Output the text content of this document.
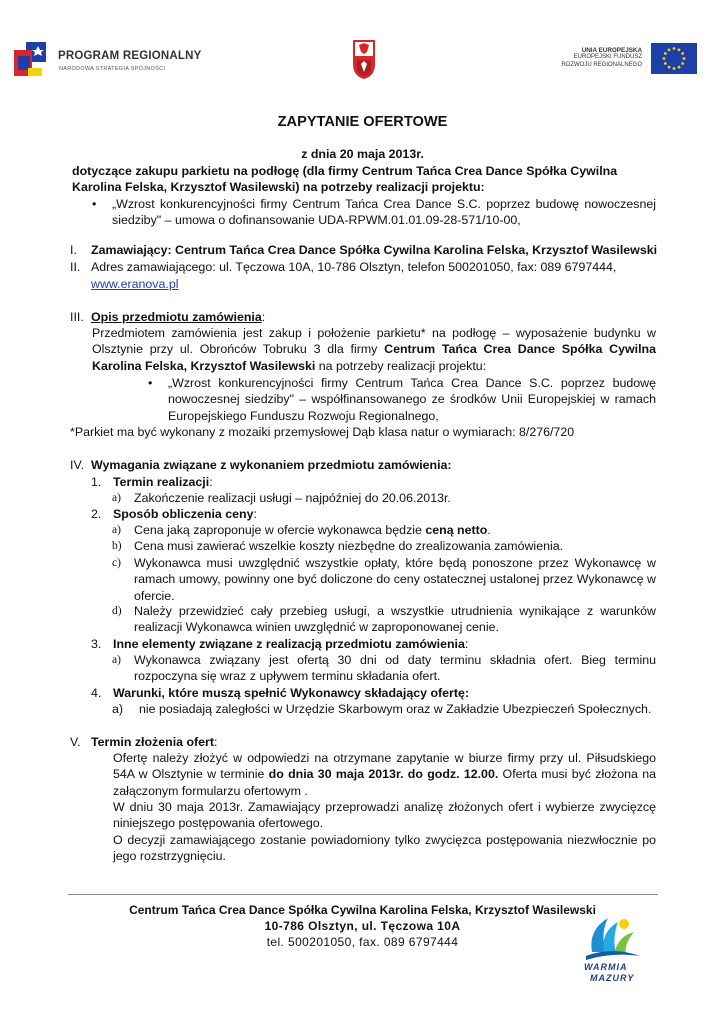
PROGRAM REGIONALNY
NARODOWA STRATEGIA SPÓJNOŚCI
UNIA EUROPEJSKA
EUROPEJSKI FUNDUSZ
ROZWOJU REGIONALNEGO
ZAPYTANIE OFERTOWE
z dnia 20 maja 2013r.
dotyczące zakupu parkietu na podłogę (dla firmy Centrum Tańca Crea Dance Spółka Cywilna Karolina Felska, Krzysztof Wasilewski) na potrzeby realizacji projektu:
• „Wzrost konkurencyjności firmy Centrum Tańca Crea Dance S.C. poprzez budowę nowoczesnej siedziby" – umowa o dofinansowanie UDA-RPWM.01.01.09-28-571/10-00,
I. Zamawiający: Centrum Tańca Crea Dance Spółka Cywilna Karolina Felska, Krzysztof Wasilewski
II. Adres zamawiającego: ul. Tęczowa 10A, 10-786 Olsztyn, telefon 500201050, fax: 089 6797444,
www.eranova.pl
III. Opis przedmiotu zamówienia:
Przedmiotem zamówienia jest zakup i położenie parkietu* na podłogę – wyposażenie budynku w Olsztynie przy ul. Obrońców Tobruku 3 dla firmy Centrum Tańca Crea Dance Spółka Cywilna Karolina Felska, Krzysztof Wasilewski na potrzeby realizacji projektu:
• „Wzrost konkurencyjności firmy Centrum Tańca Crea Dance S.C. poprzez budowę nowoczesnej siedziby" – współfinansowanego ze środków Unii Europejskiej w ramach Europejskiego Funduszu Rozwoju Regionalnego,
*Parkiet ma być wykonany z mozaiki przemysłowej Dąb klasa natur o wymiarach: 8/276/720
IV. Wymagania związane z wykonaniem przedmiotu zamówienia:
1. Termin realizacji:
a) Zakończenie realizacji usługi – najpóźniej do 20.06.2013r.
2. Sposób obliczenia ceny:
a) Cena jaką zaproponuje w ofercie wykonawca będzie ceną netto.
b) Cena musi zawierać wszelkie koszty niezbędne do zrealizowania zamówienia.
c) Wykonawca musi uwzględnić wszystkie opłaty, które będą ponoszone przez Wykonawcę w ramach umowy, powinny one być doliczone do ceny ostatecznej ustalonej przez Wykonawcę w ofercie.
d) Należy przewidzieć cały przebieg usługi, a wszystkie utrudnienia wynikające z warunków realizacji Wykonawca winien uwzględnić w zaproponowanej cenie.
3. Inne elementy związane z realizacją przedmiotu zamówienia:
a) Wykonawca związany jest ofertą 30 dni od daty terminu składnia ofert. Bieg terminu rozpoczyna się wraz z upływem terminu składania ofert.
4. Warunki, które muszą spełnić Wykonawcy składający ofertę:
a) nie posiadają zaległości w Urzędzie Skarbowym oraz w Zakładzie Ubezpieczeń Społecznych.
V. Termin złożenia ofert:
Ofertę należy złożyć w odpowiedzi na otrzymane zapytanie w biurze firmy przy ul. Piłsudskiego 54A w Olsztynie w terminie do dnia 30 maja 2013r. do godz. 12.00. Oferta musi być złożona na załączonym formularzu ofertowym .
W dniu 30 maja 2013r. Zamawiający przeprowadzi analizę złożonych ofert i wybierze zwycięzcę niniejszego postępowania ofertowego.
O decyzji zamawiającego zostanie powiadomiony tylko zwycięzca postępowania niezwłocznie po jego rozstrzygnięciu.
Centrum Tańca Crea Dance Spółka Cywilna Karolina Felska, Krzysztof Wasilewski
10-786 Olsztyn, ul. Tęczowa 10A
tel. 500201050, fax. 089 6797444
WARMIA
MAZURY
